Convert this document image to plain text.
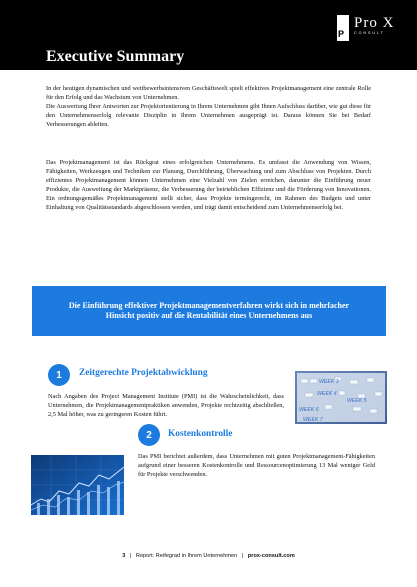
P
Pro X
CONSULT
Executive Summary
In der heutigen dynamischen und wettbewerbsintensiven Geschäftswelt spielt effektives Projektmanagement eine zentrale Rolle für den Erfolg und das Wachstum von Unternehmen.
Die Auswertung Ihrer Antworten zur Projektorientierung in Ihrem Unternehmen gibt Ihnen Aufschluss darüber, wie gut diese für den Unternehmenserfolg relevante Disziplin in Ihrem Unternehmen ausgeprägt ist. Daraus können Sie bei Bedarf Verbesserungen ableiten.

Das Projektmanagement ist das Rückgrat eines erfolgreichen Unternehmens. Es umfasst die Anwendung von Wissen, Fähigkeiten, Werkzeugen und Techniken zur Planung, Durchführung, Überwachung und zum Abschluss von Projekten. Durch effizientes Projektmanagement können Unternehmen eine Vielzahl von Zielen erreichen, darunter die Einführung neuer Produkte, die Ausweitung der Marktpräsenz, die Verbesserung der betrieblichen Effizienz und die Förderung von Innovationen. Ein ordnungsgemäßes Projektmanagement stellt sicher, dass Projekte termingerecht, im Rahmen des Budgets und unter Einhaltung von Qualitätsstandards abgeschlossen werden, und trägt damit entscheidend zum Unternehmenserfolg bei.

Die Einführung effektiver Projektmanagementverfahren wirkt sich in mehrfacher Hinsicht positiv auf die Rentabilität eines Unternehmens aus

1	Zeitgerechte Projektabwicklung

Nach Angaben des Project Management Institute (PMI) ist die Wahrscheinlichkeit, dass Unternehmen, die Projektmanagementpraktiken anwenden, Projekte rechtzeitig abschließen, 2,5 Mal höher, was zu geringeren Kosten führt.

WEEK 3
WEEK 4
WEEK 5
WEEK 6
WEEK 7
2	Kostenkontrolle

Das PMI berichtet außerdem, dass Unternehmen mit guten Projektmanagement-Fähigkeiten aufgrund einer besseren Kostenkontrolle und Ressourcenoptimierung 13 Mal weniger Geld für Projekte verschwenden.

3 | Report: Reifegrad in Ihrem Unternehmen | prox-consult.com
